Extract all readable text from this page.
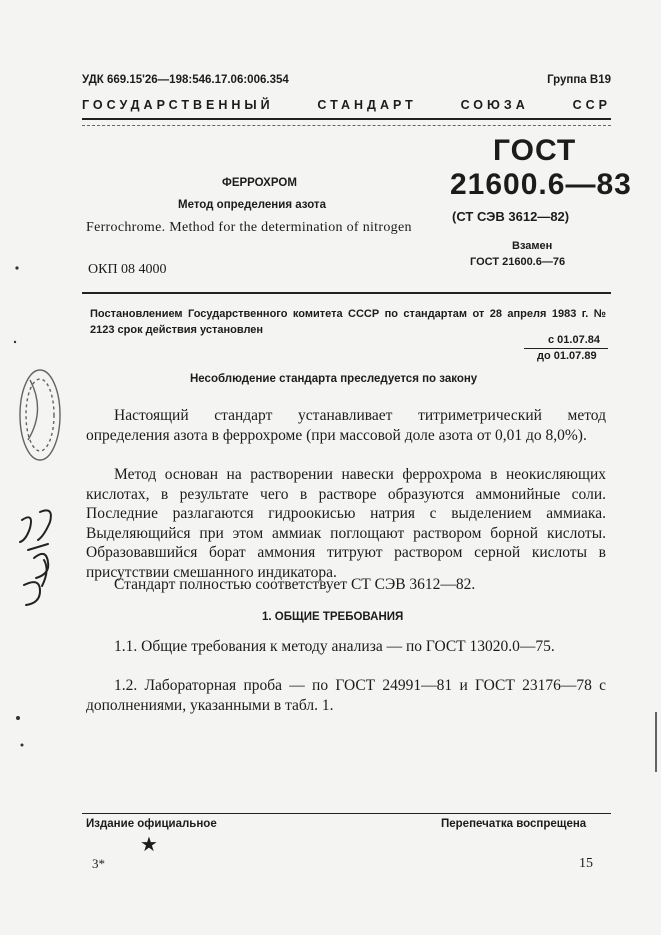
УДК 669.15'26—198:546.17.06:006.354	Группа В19
ГОСУДАРСТВЕННЫЙ СТАНДАРТ СОЮЗА ССР
ГОСТ
21600.6—83
(СТ СЭВ 3612—82)
Взамен
ГОСТ 21600.6—76
ФЕРРОХРОМ
Метод определения азота
Ferrochrome. Method for the determination of nitrogen
ОКП 08 4000
Постановлением Государственного комитета СССР по стандартам от 28 апреля 1983 г. № 2123 срок действия установлен
с 01.07.84
до 01.07.89
Несоблюдение стандарта преследуется по закону

Настоящий стандарт устанавливает титриметрический метод определения азота в феррохроме (при массовой доле азота от 0,01 до 8,0%).

Метод основан на растворении навески феррохрома в неокисляющих кислотах, в результате чего в растворе образуются аммонийные соли. Последние разлагаются гидроокисью натрия с выделением аммиака. Выделяющийся при этом аммиак поглощают раствором борной кислоты. Образовавшийся борат аммония титруют раствором серной кислоты в присутствии смешанного индикатора.

Стандарт полностью соответствует СТ СЭВ 3612—82.

1. ОБЩИЕ ТРЕБОВАНИЯ

1.1. Общие требования к методу анализа — по ГОСТ 13020.0—75.

1.2. Лабораторная проба — по ГОСТ 24991—81 и ГОСТ 23176—78 с дополнениями, указанными в табл. 1.

Издание официальное	Перепечатка воспрещена
★
3*	15
